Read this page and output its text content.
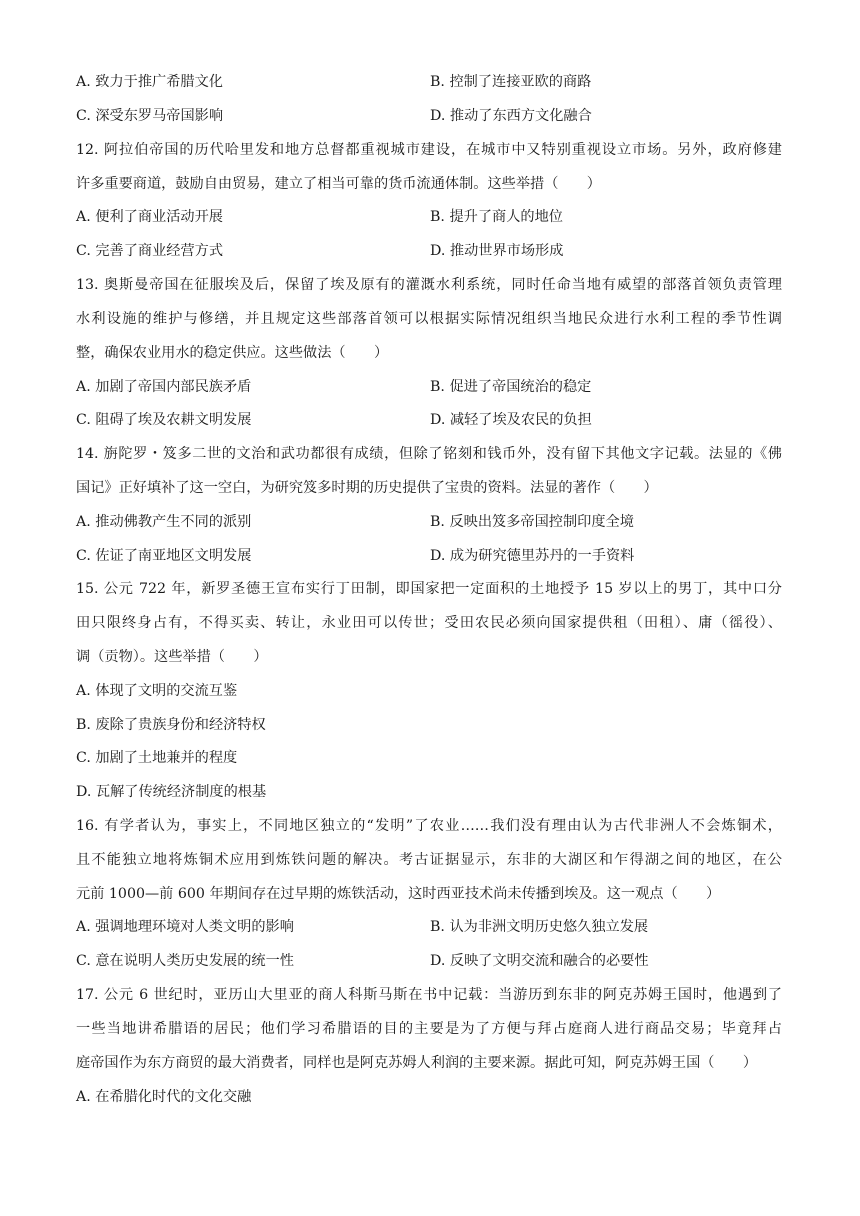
A. 致力于推广希腊文化	B. 控制了连接亚欧的商路
C. 深受东罗马帝国影响	D. 推动了东西方文化融合
12. 阿拉伯帝国的历代哈里发和地方总督都重视城市建设，在城市中又特别重视设立市场。另外，政府修建
许多重要商道，鼓励自由贸易，建立了相当可靠的货币流通体制。这些举措（　　）
A. 便利了商业活动开展	B. 提升了商人的地位
C. 完善了商业经营方式	D. 推动世界市场形成
13. 奥斯曼帝国在征服埃及后，保留了埃及原有的灌溉水利系统，同时任命当地有威望的部落首领负责管理
水利设施的维护与修缮，并且规定这些部落首领可以根据实际情况组织当地民众进行水利工程的季节性调
整，确保农业用水的稳定供应。这些做法（　　）
A. 加剧了帝国内部民族矛盾	B. 促进了帝国统治的稳定
C. 阻碍了埃及农耕文明发展	D. 减轻了埃及农民的负担
14. 旃陀罗・笈多二世的文治和武功都很有成绩，但除了铭刻和钱币外，没有留下其他文字记载。法显的《佛
国记》正好填补了这一空白，为研究笈多时期的历史提供了宝贵的资料。法显的著作（　　）
A. 推动佛教产生不同的派别	B. 反映出笈多帝国控制印度全境
C. 佐证了南亚地区文明发展	D. 成为研究德里苏丹的一手资料
15. 公元 722 年，新罗圣德王宣布实行丁田制，即国家把一定面积的土地授予 15 岁以上的男丁，其中口分
田只限终身占有，不得买卖、转让，永业田可以传世；受田农民必须向国家提供租（田租）、庸（徭役）、
调（贡物）。这些举措（　　）
A. 体现了文明的交流互鉴
B. 废除了贵族身份和经济特权
C. 加剧了土地兼并的程度
D. 瓦解了传统经济制度的根基
16. 有学者认为，事实上，不同地区独立的“发明”了农业……我们没有理由认为古代非洲人不会炼铜术，
且不能独立地将炼铜术应用到炼铁问题的解决。考古证据显示，东非的大湖区和乍得湖之间的地区，在公
元前 1000—前 600 年期间存在过早期的炼铁活动，这时西亚技术尚未传播到埃及。这一观点（　　）
A. 强调地理环境对人类文明的影响	B. 认为非洲文明历史悠久独立发展
C. 意在说明人类历史发展的统一性	D. 反映了文明交流和融合的必要性
17. 公元 6 世纪时，亚历山大里亚的商人科斯马斯在书中记载：当游历到东非的阿克苏姆王国时，他遇到了
一些当地讲希腊语的居民；他们学习希腊语的目的主要是为了方便与拜占庭商人进行商品交易；毕竟拜占
庭帝国作为东方商贸的最大消费者，同样也是阿克苏姆人利润的主要来源。据此可知，阿克苏姆王国（　　）
A. 在希腊化时代的文化交融
